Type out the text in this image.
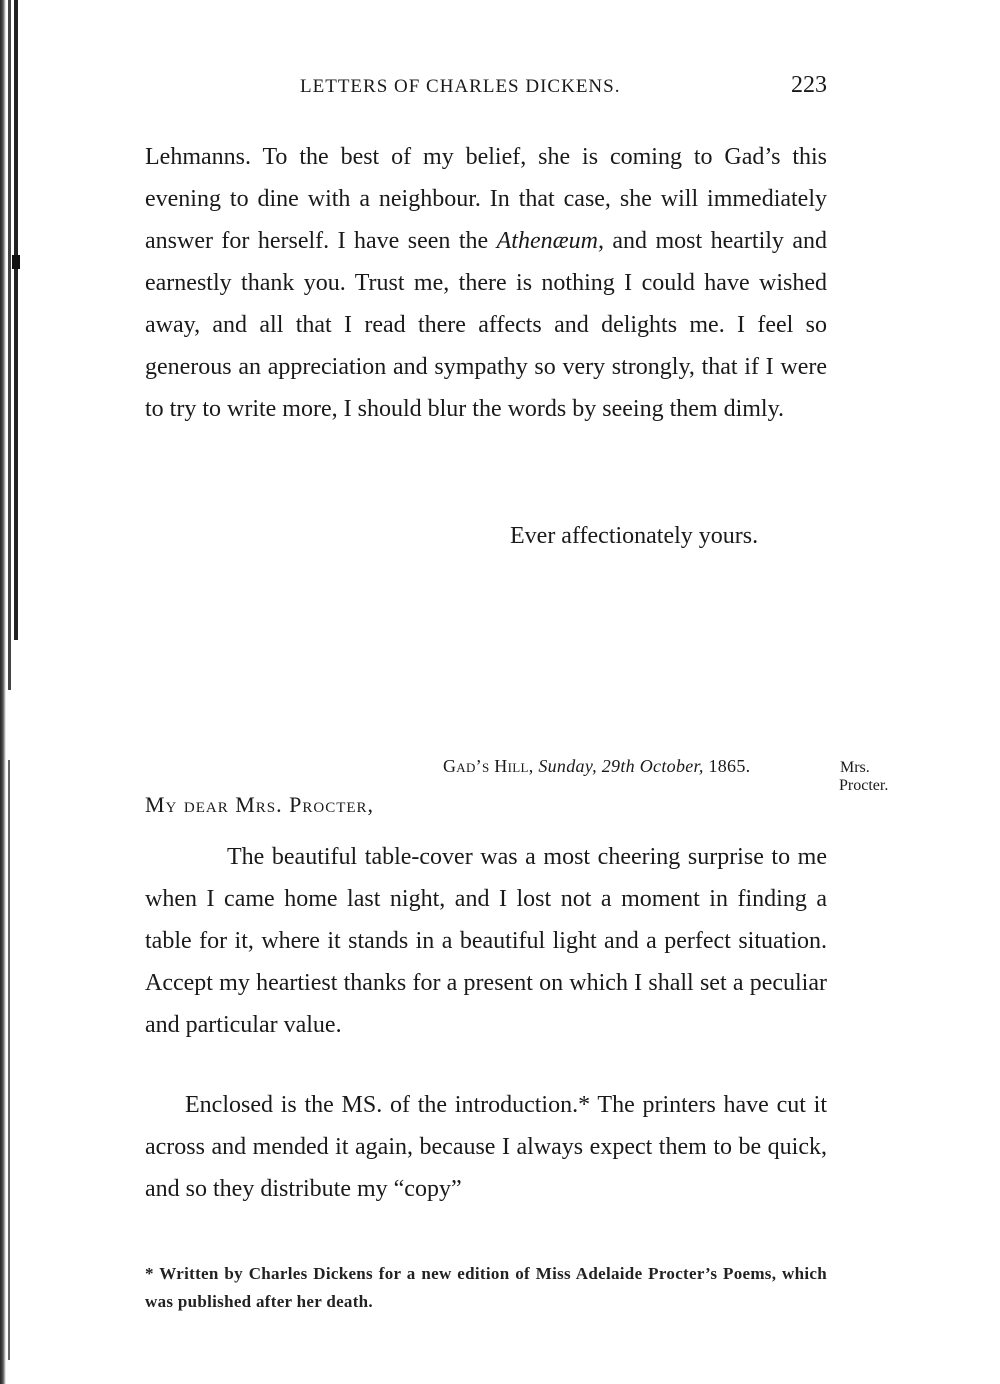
LETTERS OF CHARLES DICKENS.	223

Lehmanns. To the best of my belief, she is coming to Gad’s this evening to dine with a neighbour. In that case, she will immediately answer for herself. I have seen the Athenæum, and most heartily and earnestly thank you. Trust me, there is nothing I could have wished away, and all that I read there affects and delights me. I feel so generous an appreciation and sympathy so very strongly, that if I were to try to write more, I should blur the words by seeing them dimly.

Ever affectionately yours.
Gad’s Hill, Sunday, 29th October, 1865.	Mrs.
Procter.
My dear Mrs. Procter,

The beautiful table-cover was a most cheering surprise to me when I came home last night, and I lost not a moment in finding a table for it, where it stands in a beautiful light and a perfect situation. Accept my heartiest thanks for a present on which I shall set a peculiar and particular value.

Enclosed is the MS. of the introduction.* The printers have cut it across and mended it again, because I always expect them to be quick, and so they distribute my “copy”

* Written by Charles Dickens for a new edition of Miss Adelaide Procter’s Poems, which was published after her death.
